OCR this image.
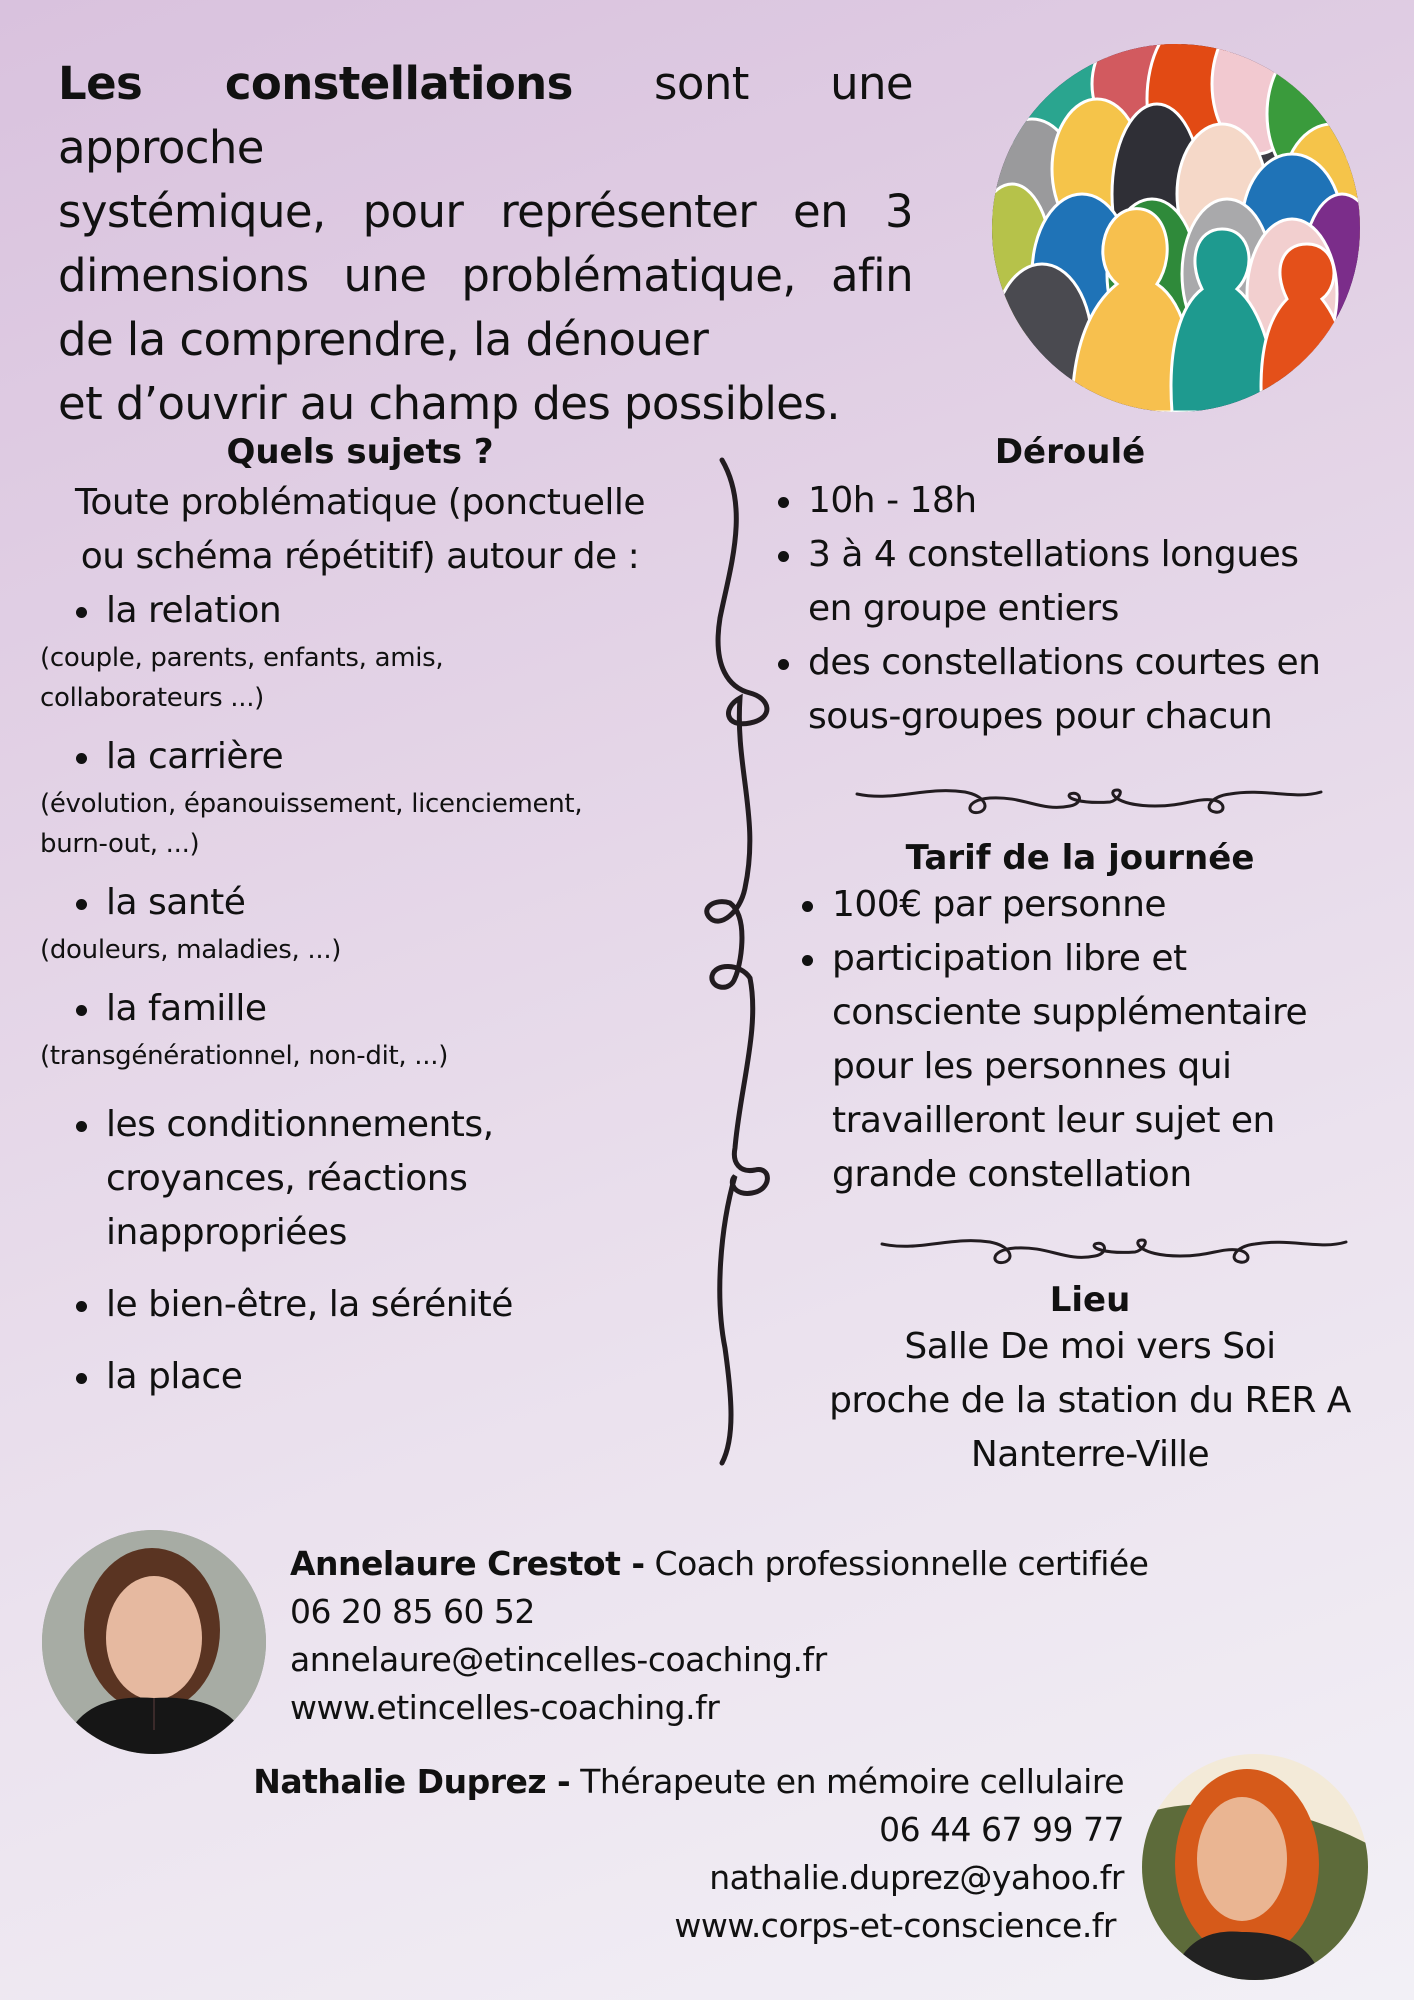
Les constellations sont une approche
systémique, pour représenter en 3
dimensions une problématique, afin
de la comprendre, la dénouer
et d’ouvrir au champ des possibles.
Quels sujets ?
Toute problématique (ponctuelle
ou schéma répétitif) autour de :
la relation
(couple, parents, enfants, amis,
collaborateurs ...)
la carrière
(évolution, épanouissement, licenciement,
burn-out, ...)
la santé
(douleurs, maladies, ...)
la famille
(transgénérationnel, non-dit, ...)
les conditionnements, croyances, réactions inappropriées
le bien-être, la sérénité
la place
Déroulé
10h - 18h
3 à 4 constellations longues en groupe entiers
des constellations courtes en sous-groupes pour chacun
Tarif de la journée
100€ par personne
participation libre et consciente supplémentaire pour les personnes qui travailleront leur sujet en grande constellation
Lieu
Salle De moi vers Soi
proche de la station du RER A
Nanterre-Ville
Annelaure Crestot - Coach professionnelle certifiée
06 20 85 60 52
annelaure@etincelles-coaching.fr
www.etincelles-coaching.fr
Nathalie Duprez - Thérapeute en mémoire cellulaire
06 44 67 99 77
nathalie.duprez@yahoo.fr
www.corps-et-conscience.fr
